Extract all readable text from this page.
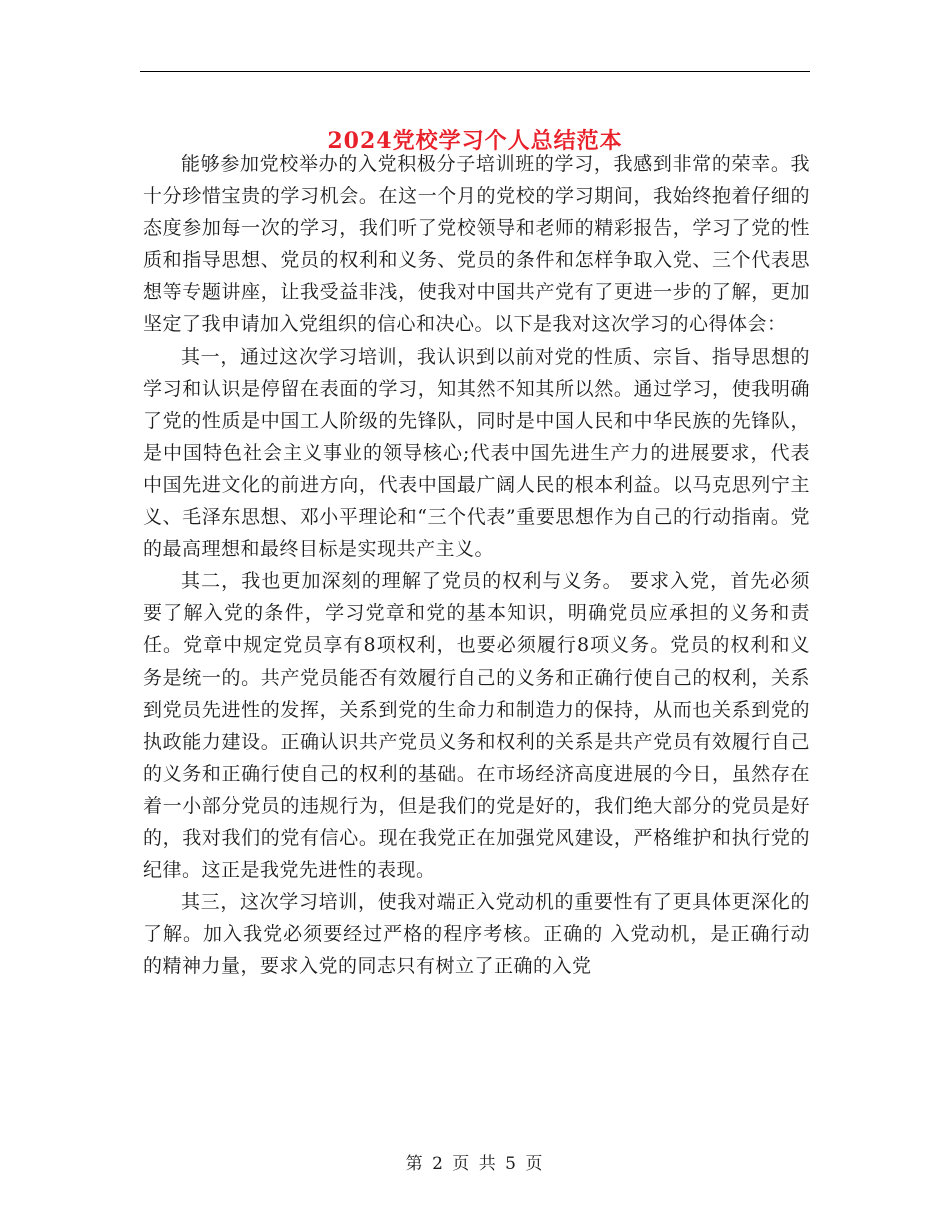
2024党校学习个人总结范本

能够参加党校举办的入党积极分子培训班的学习，我感到非常的荣幸。我十分珍惜宝贵的学习机会。在这一个月的党校的学习期间，我始终抱着仔细的态度参加每一次的学习，我们听了党校领导和老师的精彩报告，学习了党的性质和指导思想、党员的权利和义务、党员的条件和怎样争取入党、三个代表思想等专题讲座，让我受益非浅，使我对中国共产党有了更进一步的了解，更加坚定了我申请加入党组织的信心和决心。以下是我对这次学习的心得体会：

其一，通过这次学习培训，我认识到以前对党的性质、宗旨、指导思想的学习和认识是停留在表面的学习，知其然不知其所以然。通过学习，使我明确了党的性质是中国工人阶级的先锋队，同时是中国人民和中华民族的先锋队，是中国特色社会主义事业的领导核心;代表中国先进生产力的进展要求，代表中国先进文化的前进方向，代表中国最广阔人民的根本利益。以马克思列宁主义、毛泽东思想、邓小平理论和“三个代表”重要思想作为自己的行动指南。党的最高理想和最终目标是实现共产主义。

其二，我也更加深刻的理解了党员的权利与义务。 要求入党，首先必须要了解入党的条件，学习党章和党的基本知识，明确党员应承担的义务和责任。党章中规定党员享有8项权利，也要必须履行8项义务。党员的权利和义务是统一的。共产党员能否有效履行自己的义务和正确行使自己的权利，关系到党员先进性的发挥，关系到党的生命力和制造力的保持，从而也关系到党的执政能力建设。正确认识共产党员义务和权利的关系是共产党员有效履行自己的义务和正确行使自己的权利的基础。在市场经济高度进展的今日，虽然存在着一小部分党员的违规行为，但是我们的党是好的，我们绝大部分的党员是好的，我对我们的党有信心。现在我党正在加强党风建设，严格维护和执行党的纪律。这正是我党先进性的表现。

其三，这次学习培训，使我对端正入党动机的重要性有了更具体更深化的了解。加入我党必须要经过严格的程序考核。正确的 入党动机，是正确行动的精神力量，要求入党的同志只有树立了正确的入党

第 2 页 共 5 页
